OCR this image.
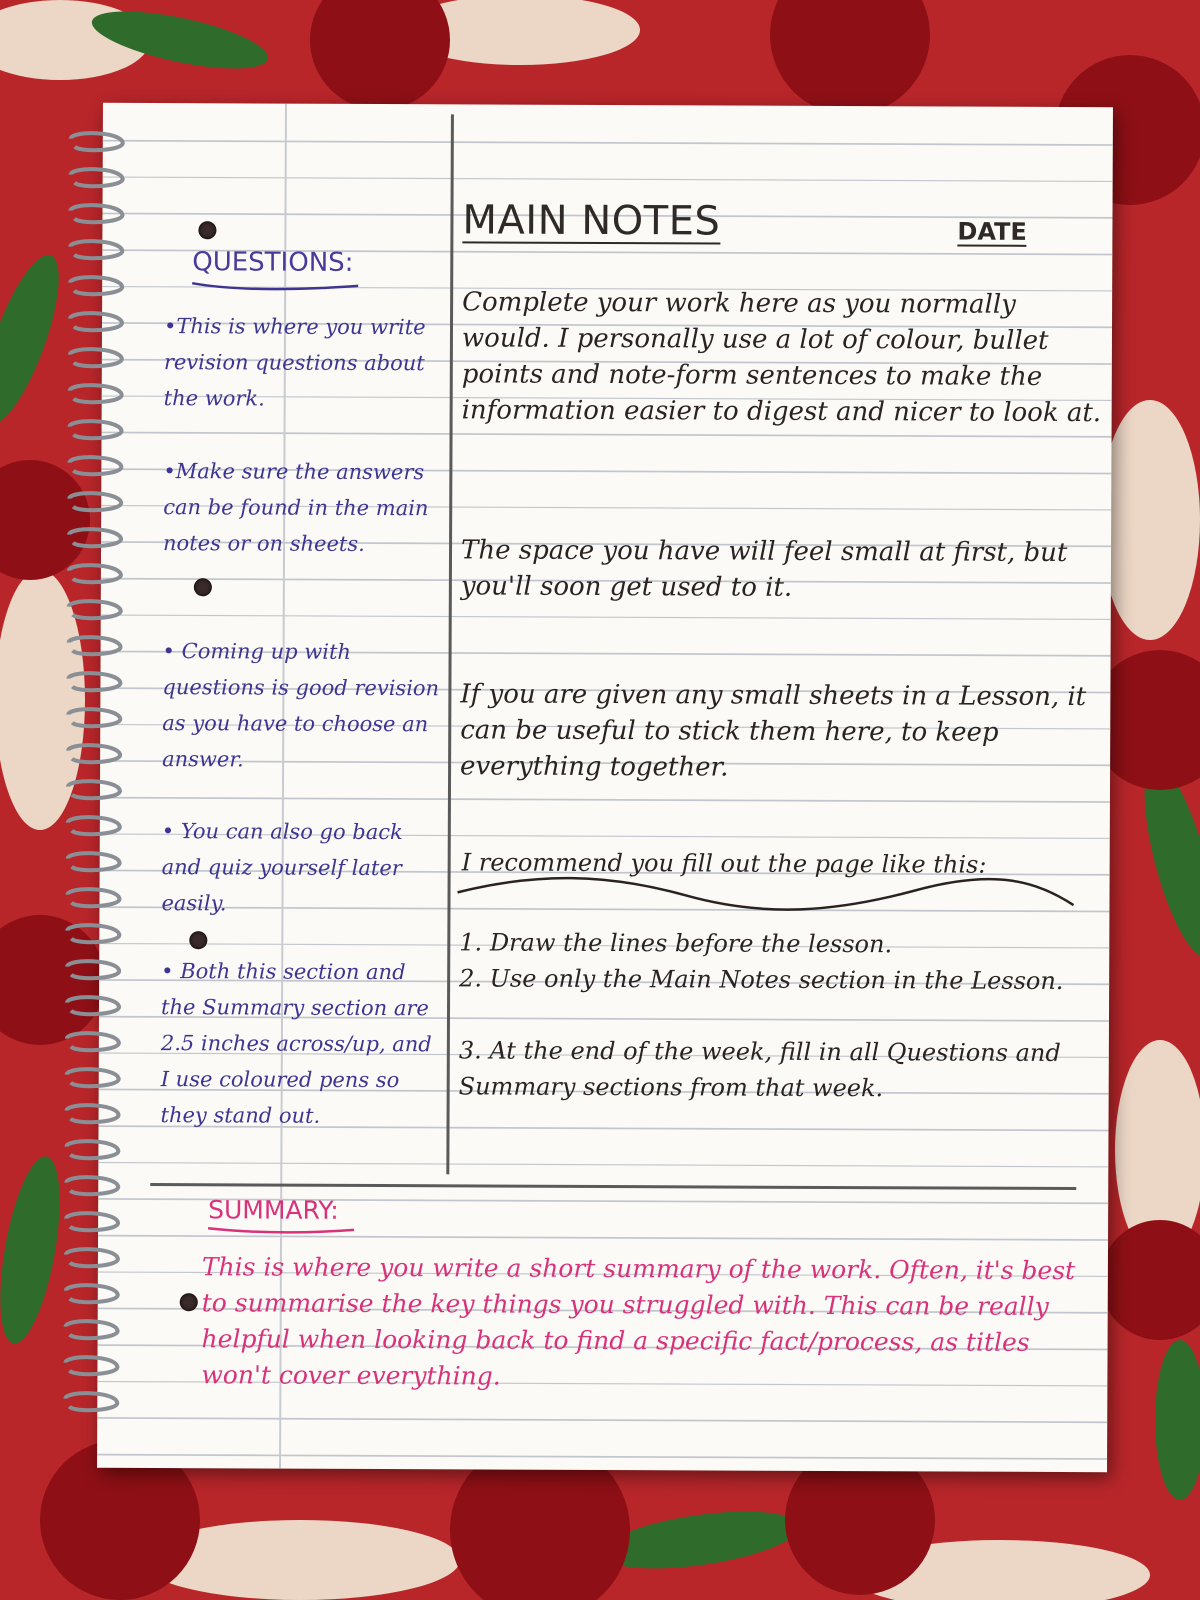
MAIN NOTES	DATE
QUESTIONS:
•This is where you write revision questions about the work.
•Make sure the answers can be found in the main notes or on sheets.
• Coming up with questions is good revision as you have to choose an answer.
• You can also go back and quiz yourself later easily.
• Both this section and the Summary section are 2.5 inches across/up, and I use coloured pens so they stand out.
Complete your work here as you normally would. I personally use a lot of colour, bullet points and note-form sentences to make the information easier to digest and nicer to look at.
The space you have will feel small at first, but you'll soon get used to it.
If you are given any small sheets in a Lesson, it can be useful to stick them here, to keep everything together.
I recommend you fill out the page like this:
1. Draw the lines before the lesson.
2. Use only the Main Notes section in the Lesson.
3. At the end of the week, fill in all Questions and Summary sections from that week.
SUMMARY:
This is where you write a short summary of the work. Often, it's best to summarise the key things you struggled with. This can be really helpful when looking back to find a specific fact/process, as titles won't cover everything.
